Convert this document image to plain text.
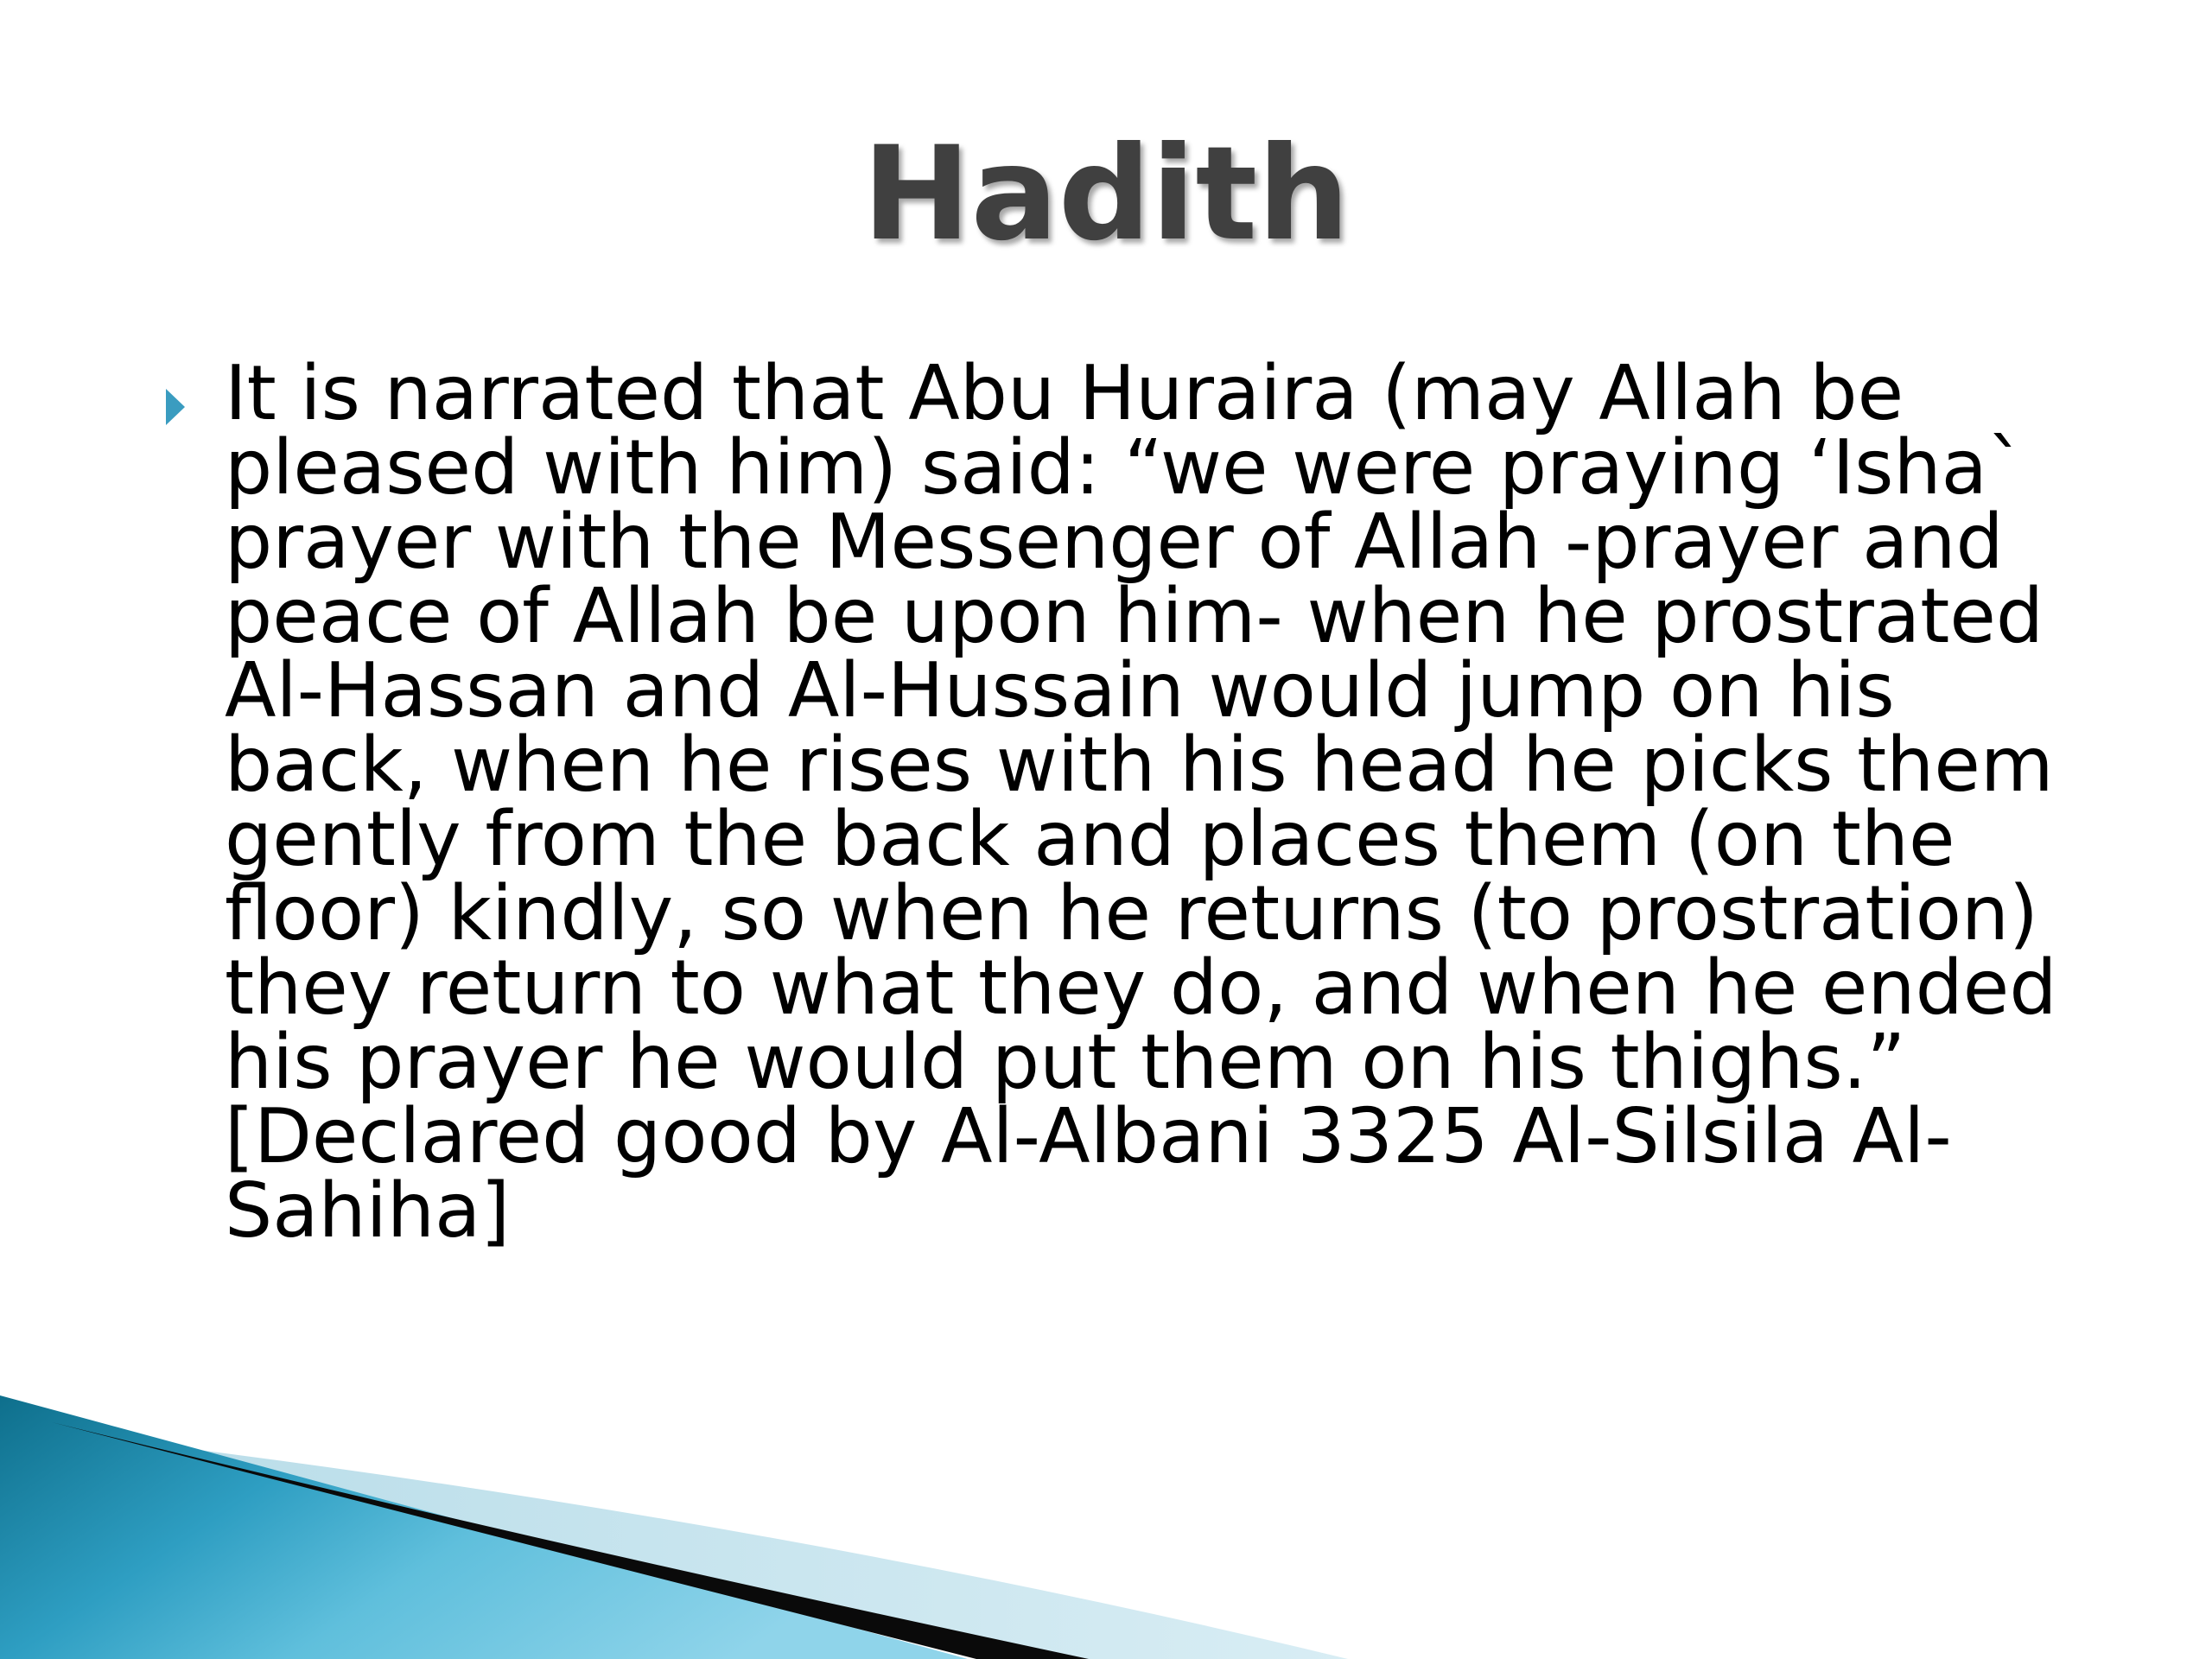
Hadith

It is narrated that Abu Huraira (may Allah be
pleased with him) said: “we were praying ‘Isha`
prayer with the Messenger of Allah -prayer and
peace of Allah be upon him- when he prostrated
Al-Hassan and Al-Hussain would jump on his
back, when he rises with his head he picks them
gently from the back and places them (on the
floor) kindly, so when he returns (to prostration)
they return to what they do, and when he ended
his prayer he would put them on his thighs.”
[Declared good by Al-Albani 3325 Al-Silsila Al-
Sahiha]
